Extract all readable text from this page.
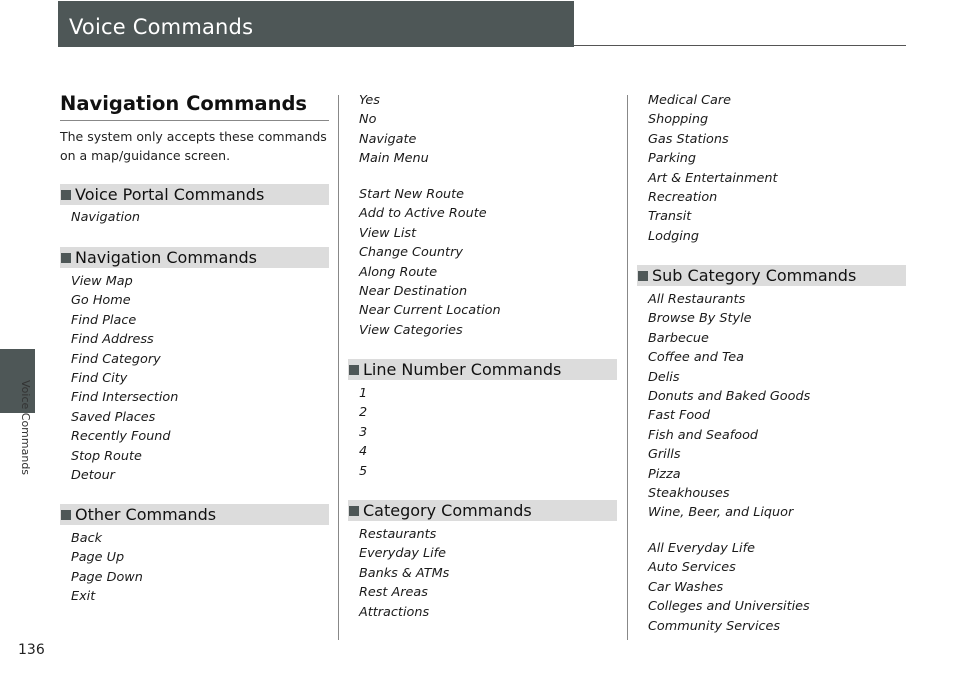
Voice Commands
Voice Commands
136
Navigation Commands
The system only accepts these commands on a map/guidance screen.
Voice Portal Commands
Navigation
Navigation Commands
View Map
Go Home
Find Place
Find Address
Find Category
Find City
Find Intersection
Saved Places
Recently Found
Stop Route
Detour
Other Commands
Back
Page Up
Page Down
Exit
Yes
No
Navigate
Main Menu
Start New Route
Add to Active Route
View List
Change Country
Along Route
Near Destination
Near Current Location
View Categories
Line Number Commands
1
2
3
4
5
Category Commands
Restaurants
Everyday Life
Banks & ATMs
Rest Areas
Attractions
Medical Care
Shopping
Gas Stations
Parking
Art & Entertainment
Recreation
Transit
Lodging
Sub Category Commands
All Restaurants
Browse By Style
Barbecue
Coffee and Tea
Delis
Donuts and Baked Goods
Fast Food
Fish and Seafood
Grills
Pizza
Steakhouses
Wine, Beer, and Liquor
All Everyday Life
Auto Services
Car Washes
Colleges and Universities
Community Services
